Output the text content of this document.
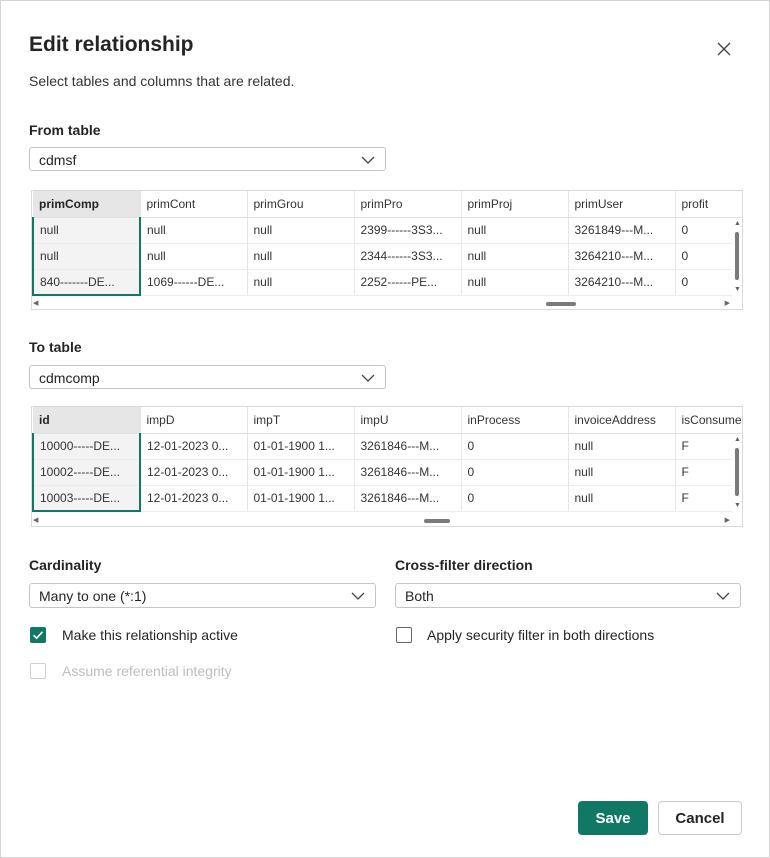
Edit relationship
Select tables and columns that are related.
From table
cdmsf
primComp	primCont	primGrou	primPro	primProj	primUser	profit
null	null	null	2399------3S3...	null	3261849---M...	0
null	null	null	2344------3S3...	null	3264210---M...	0
840-------DE...	1069------DE...	null	2252------PE...	null	3264210---M...	0
▲
▼
◀	▶
To table
cdmcomp
id	impD	impT	impU	inProcess	invoiceAddress	isConsume
10000-----DE...	12-01-2023 0...	01-01-1900 1...	3261846---M...	0	null	F
10002-----DE...	12-01-2023 0...	01-01-1900 1...	3261846---M...	0	null	F
10003-----DE...	12-01-2023 0...	01-01-1900 1...	3261846---M...	0	null	F
▲
▼
◀	▶
Cardinality
Many to one (*:1)
Cross-filter direction
Both
Make this relationship active	Apply security filter in both directions
Assume referential integrity
Save	Cancel
